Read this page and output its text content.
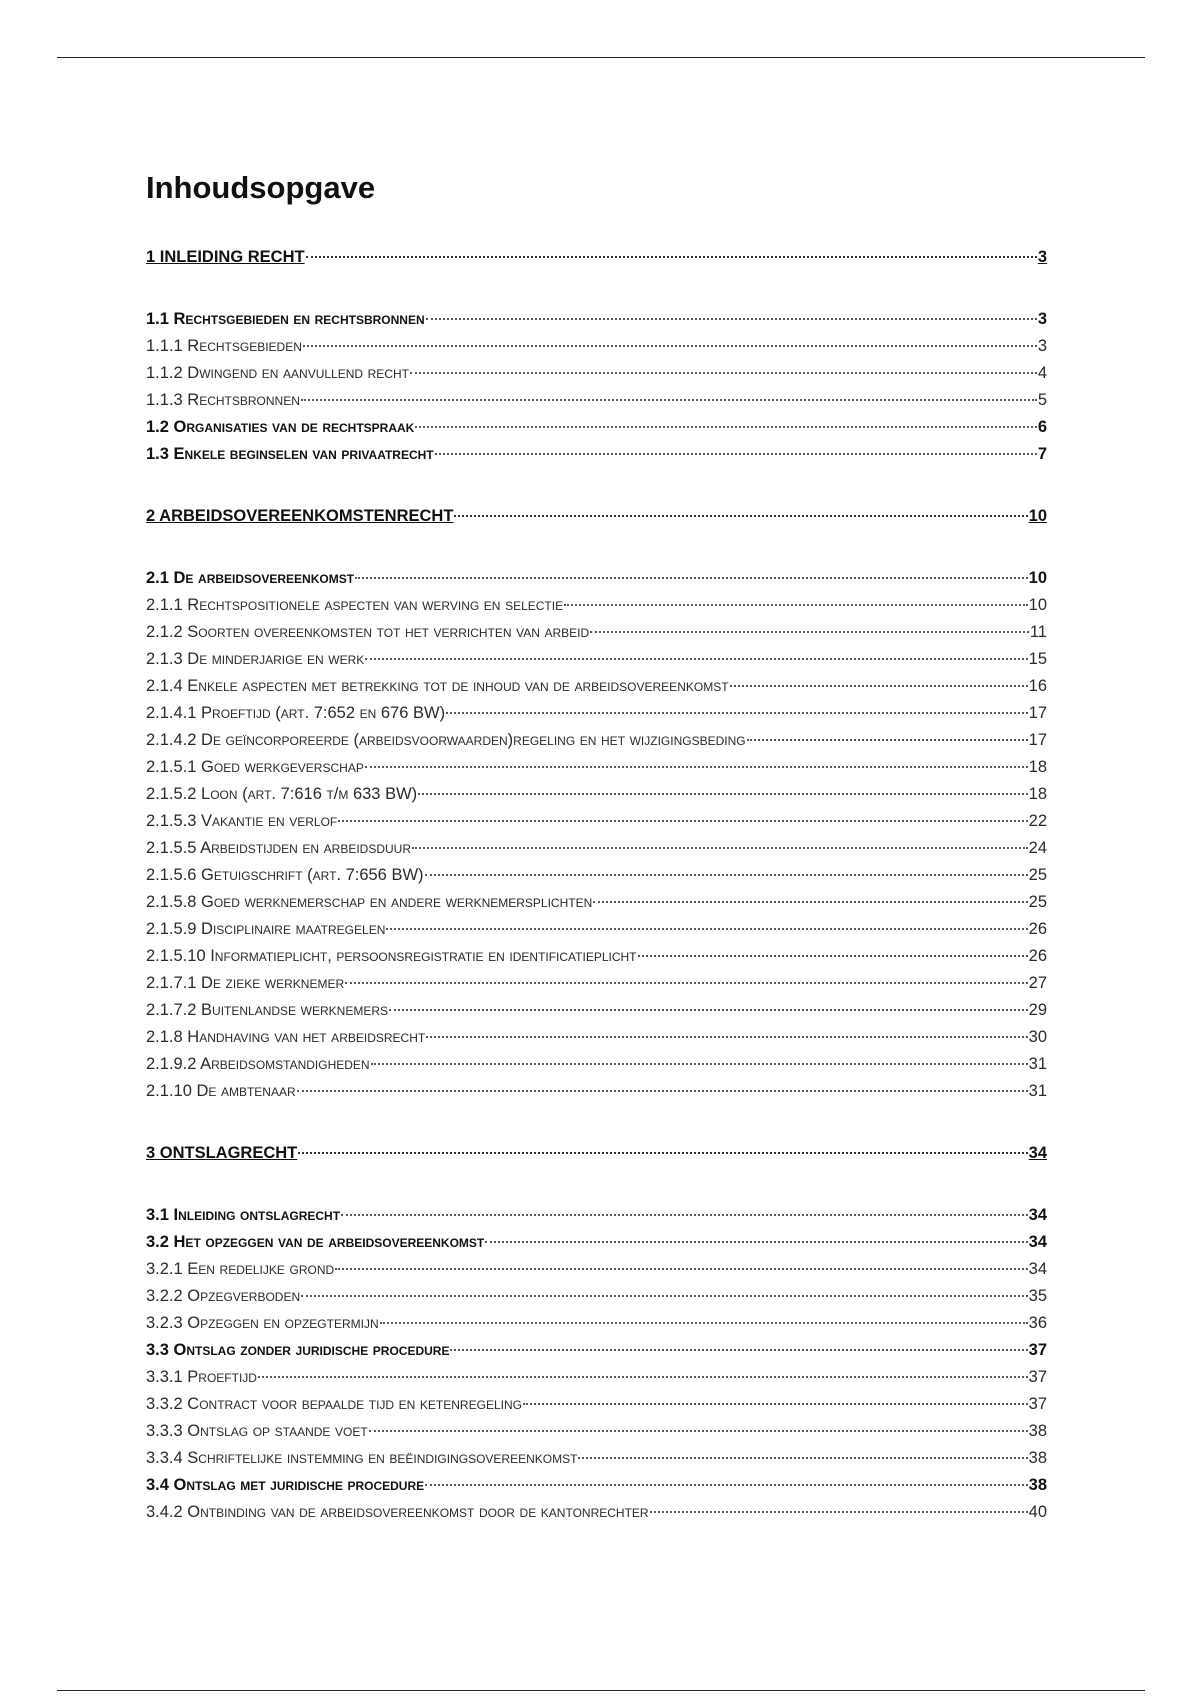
Inhoudsopgave
1 INLEIDING RECHT	3
1.1 Rechtsgebieden en rechtsbronnen	3
1.1.1 Rechtsgebieden	3
1.1.2 Dwingend en aanvullend recht	4
1.1.3 Rechtsbronnen	5
1.2 Organisaties van de rechtspraak	6
1.3 Enkele beginselen van privaatrecht	7
2 ARBEIDSOVEREENKOMSTENRECHT	10
2.1 De arbeidsovereenkomst	10
2.1.1 Rechtspositionele aspecten van werving en selectie	10
2.1.2 Soorten overeenkomsten tot het verrichten van arbeid	11
2.1.3 De minderjarige en werk	15
2.1.4 Enkele aspecten met betrekking tot de inhoud van de arbeidsovereenkomst	16
2.1.4.1 Proeftijd (art. 7:652 en 676 BW)	17
2.1.4.2 De geïncorporeerde (arbeidsvoorwaarden)regeling en het wijzigingsbeding	17
2.1.5.1 Goed werkgeverschap	18
2.1.5.2 Loon (art. 7:616 t/m 633 BW)	18
2.1.5.3 Vakantie en verlof	22
2.1.5.5 Arbeidstijden en arbeidsduur	24
2.1.5.6 Getuigschrift (art. 7:656 BW)	25
2.1.5.8 Goed werknemerschap en andere werknemersplichten	25
2.1.5.9 Disciplinaire maatregelen	26
2.1.5.10 Informatieplicht, persoonsregistratie en identificatieplicht	26
2.1.7.1 De zieke werknemer	27
2.1.7.2 Buitenlandse werknemers	29
2.1.8 Handhaving van het arbeidsrecht	30
2.1.9.2 Arbeidsomstandigheden	31
2.1.10 De ambtenaar	31
3 ONTSLAGRECHT	34
3.1 Inleiding ontslagrecht	34
3.2 Het opzeggen van de arbeidsovereenkomst	34
3.2.1 Een redelijke grond	34
3.2.2 Opzegverboden	35
3.2.3 Opzeggen en opzegtermijn	36
3.3 Ontslag zonder juridische procedure	37
3.3.1 Proeftijd	37
3.3.2 Contract voor bepaalde tijd en ketenregeling	37
3.3.3 Ontslag op staande voet	38
3.3.4 Schriftelijke instemming en beëindigingsovereenkomst	38
3.4 Ontslag met juridische procedure	38
3.4.2 Ontbinding van de arbeidsovereenkomst door de kantonrechter	40
